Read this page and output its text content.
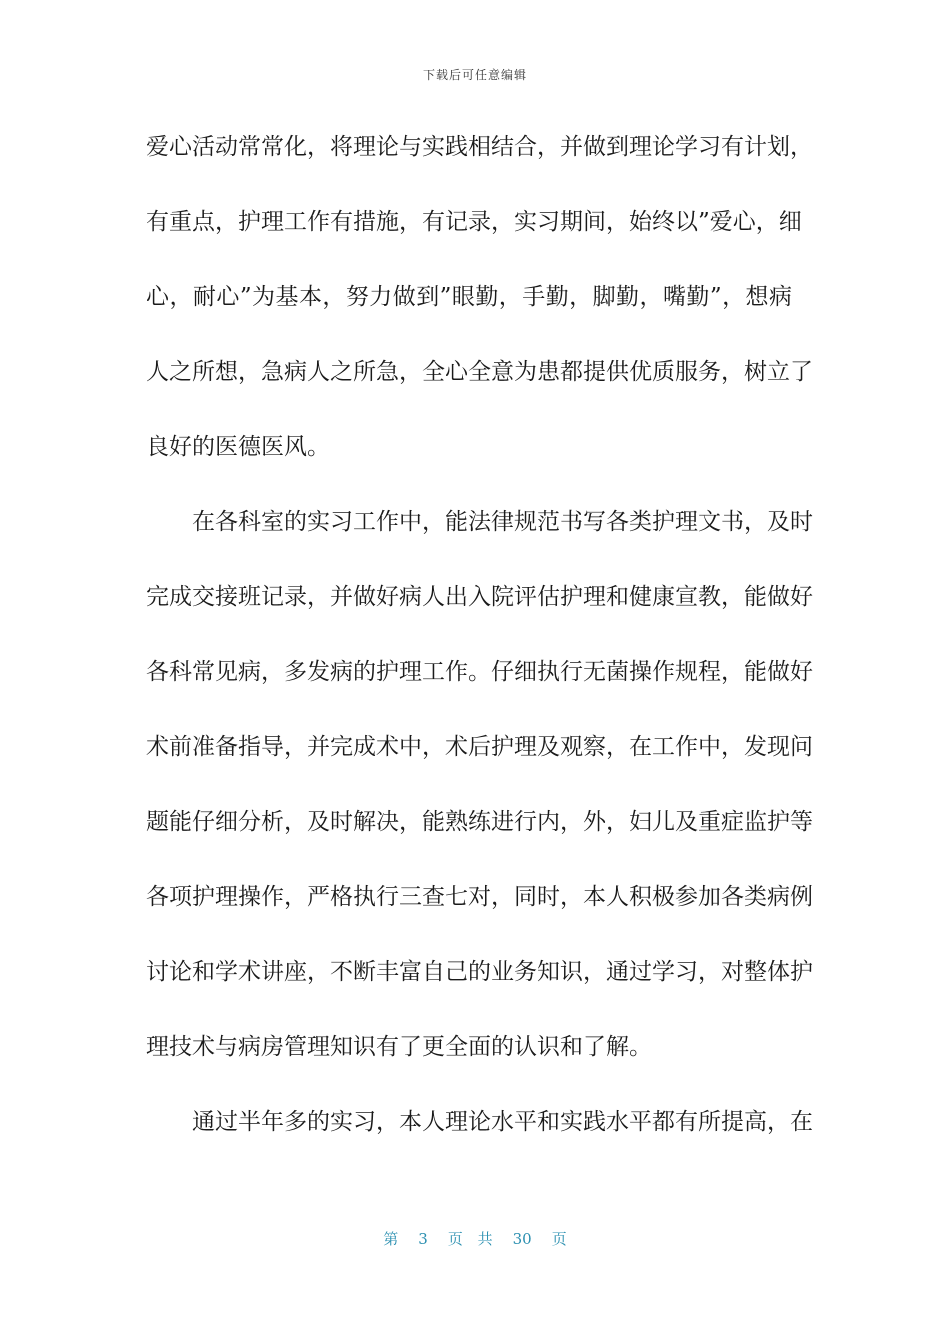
下载后可任意编辑
爱心活动常常化，将理论与实践相结合，并做到理论学习有计划，
有重点，护理工作有措施，有记录，实习期间，始终以”爱心，细
心，耐心”为基本，努力做到”眼勤，手勤，脚勤，嘴勤”，想病
人之所想，急病人之所急，全心全意为患都提供优质服务，树立了
良好的医德医风。
在各科室的实习工作中，能法律规范书写各类护理文书，及时
完成交接班记录，并做好病人出入院评估护理和健康宣教，能做好
各科常见病，多发病的护理工作。仔细执行无菌操作规程，能做好
术前准备指导，并完成术中，术后护理及观察，在工作中，发现问
题能仔细分析，及时解决，能熟练进行内，外，妇儿及重症监护等
各项护理操作，严格执行三查七对，同时，本人积极参加各类病例
讨论和学术讲座，不断丰富自己的业务知识，通过学习，对整体护
理技术与病房管理知识有了更全面的认识和了解。
通过半年多的实习，本人理论水平和实践水平都有所提高，在
第 3 页 共 30 页
